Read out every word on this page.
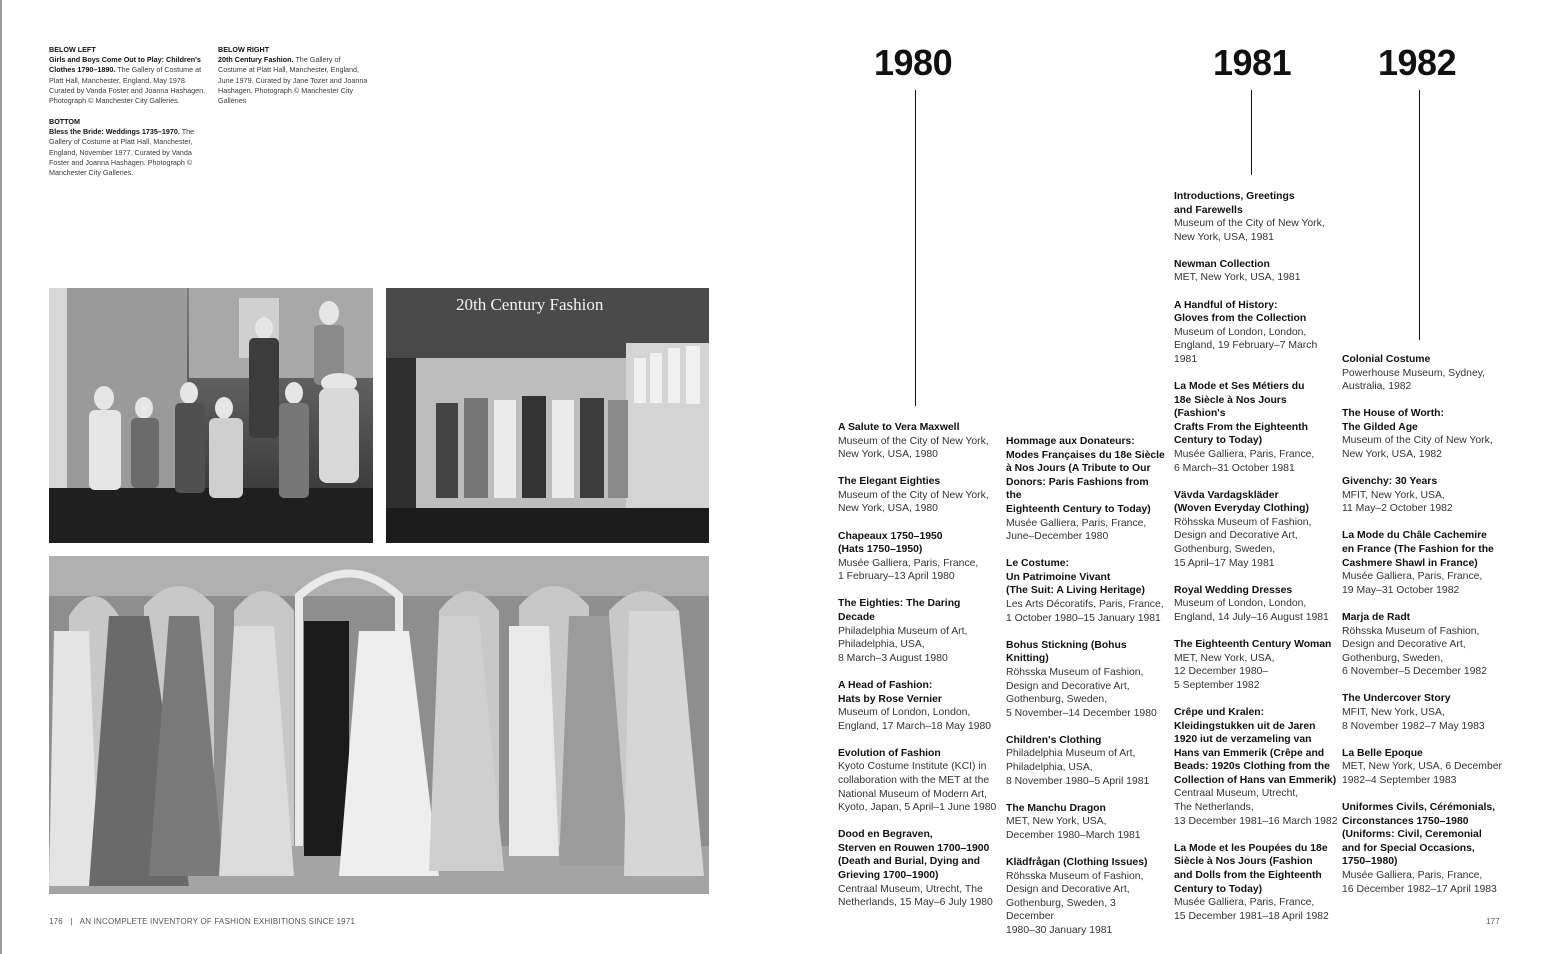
BELOW LEFT
Girls and Boys Come Out to Play: Children's Clothes 1790–1890. The Gallery of Costume at Platt Hall, Manchester, England, May 1978. Curated by Vanda Foster and Joanna Hashagen. Photograph © Manchester City Galleries.
BELOW RIGHT
20th Century Fashion. The Gallery of Costume at Platt Hall, Manchester, England, June 1979. Curated by Jane Tozer and Joanna Hashagen. Photograph © Manchester City Galleries
BOTTOM
Bless the Bride: Weddings 1735–1970. The Gallery of Costume at Platt Hall, Manchester, England, November 1977. Curated by Vanda Foster and Joanna Hashagen. Photograph © Manchester City Galleries.
20th Century Fashion
176 | AN INCOMPLETE INVENTORY OF FASHION EXHIBITIONS SINCE 1971
1980	1981 1982
A Salute to Vera Maxwell
Museum of the City of New York,
New York, USA, 1980
The Elegant Eighties
Museum of the City of New York,
New York, USA, 1980
Chapeaux 1750–1950
(Hats 1750–1950)
Musée Galliera, Paris, France,
1 February–13 April 1980
The Eighties: The Daring Decade
Philadelphia Museum of Art,
Philadelphia, USA,
8 March–3 August 1980
A Head of Fashion:
Hats by Rose Vernier
Museum of London, London,
England, 17 March–18 May 1980
Evolution of Fashion
Kyoto Costume Institute (KCI) in
collaboration with the MET at the
National Museum of Modern Art,
Kyoto, Japan, 5 April–1 June 1980
Dood en Begraven,
Sterven en Rouwen 1700–1900
(Death and Burial, Dying and
Grieving 1700–1900)
Centraal Museum, Utrecht, The
Netherlands, 15 May–6 July 1980
Hommage aux Donateurs:
Modes Françaises du 18e Siècle
à Nos Jours (A Tribute to Our
Donors: Paris Fashions from the
Eighteenth Century to Today)
Musée Galliera, Paris, France,
June–December 1980
Le Costume:
Un Patrimoine Vivant
(The Suit: A Living Heritage)
Les Arts Décoratifs, Paris, France,
1 October 1980–15 January 1981
Bohus Stickning (Bohus Knitting)
Röhsska Museum of Fashion,
Design and Decorative Art,
Gothenburg, Sweden,
5 November–14 December 1980
Children's Clothing
Philadelphia Museum of Art,
Philadelphia, USA,
8 November 1980–5 April 1981
The Manchu Dragon
MET, New York, USA,
December 1980–March 1981
Klädfrågan (Clothing Issues)
Röhsska Museum of Fashion,
Design and Decorative Art,
Gothenburg, Sweden, 3 December
1980–30 January 1981
Introductions, Greetings
and Farewells
Museum of the City of New York,
New York, USA, 1981
Newman Collection
MET, New York, USA, 1981
A Handful of History:
Gloves from the Collection
Museum of London, London,
England, 19 February–7 March 1981
La Mode et Ses Métiers du
18e Siècle à Nos Jours (Fashion's
Crafts From the Eighteenth
Century to Today)
Musée Galliera, Paris, France,
6 March–31 October 1981
Vävda Vardagskläder
(Woven Everyday Clothing)
Röhsska Museum of Fashion,
Design and Decorative Art,
Gothenburg, Sweden,
15 April–17 May 1981
Royal Wedding Dresses
Museum of London, London,
England, 14 July–16 August 1981
The Eighteenth Century Woman
MET, New York, USA,
12 December 1980–
5 September 1982
Crêpe und Kralen:
Kleidingstukken uit de Jaren
1920 iut de verzameling van
Hans van Emmerik (Crêpe and
Beads: 1920s Clothing from the
Collection of Hans van Emmerik)
Centraal Museum, Utrecht,
The Netherlands,
13 December 1981–16 March 1982
La Mode et les Poupées du 18e
Siècle à Nos Jours (Fashion
and Dolls from the Eighteenth
Century to Today)
Musée Galliera, Paris, France,
15 December 1981–18 April 1982
Colonial Costume
Powerhouse Museum, Sydney,
Australia, 1982
The House of Worth:
The Gilded Age
Museum of the City of New York,
New York, USA, 1982
Givenchy: 30 Years
MFIT, New York, USA,
11 May–2 October 1982
La Mode du Châle Cachemire
en France (The Fashion for the
Cashmere Shawl in France)
Musée Galliera, Paris, France,
19 May–31 October 1982
Marja de Radt
Röhsska Museum of Fashion,
Design and Decorative Art,
Gothenburg, Sweden,
6 November–5 December 1982
The Undercover Story
MFIT, New York, USA,
8 November 1982–7 May 1983
La Belle Epoque
MET, New York, USA, 6 December
1982–4 September 1983
Uniformes Civils, Cérémonials,
Circonstances 1750–1980
(Uniforms: Civil, Ceremonial
and for Special Occasions,
1750–1980)
Musée Galliera, Paris, France,
16 December 1982–17 April 1983
177
